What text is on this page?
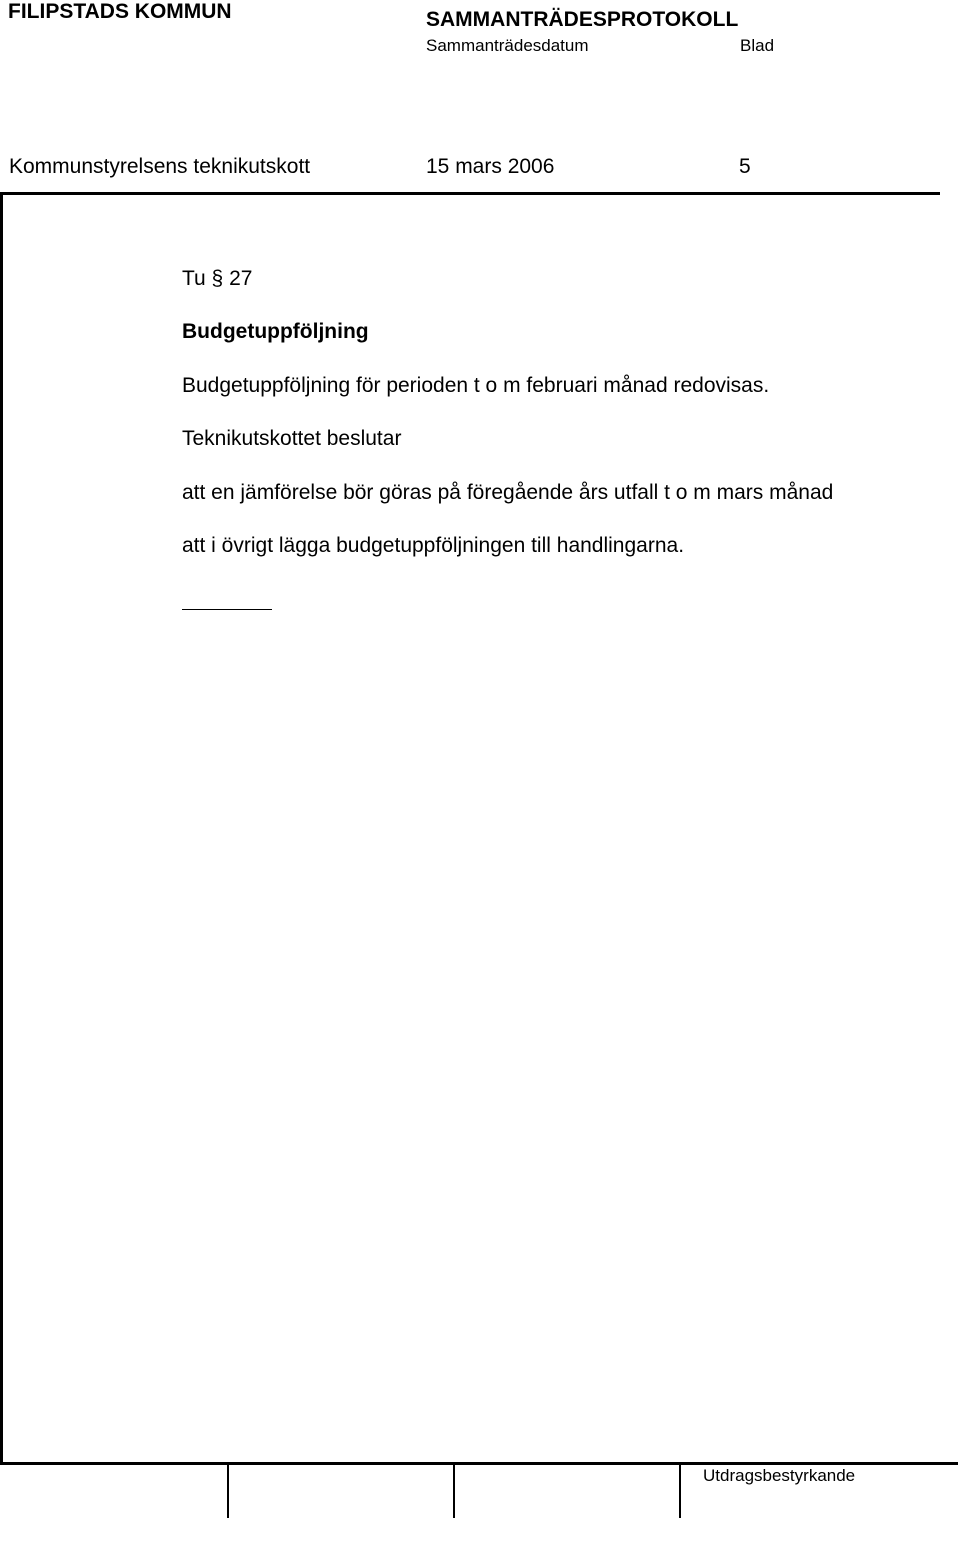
FILIPSTADS KOMMUN	SAMMANTRÄDESPROTOKOLL
Sammanträdesdatum	Blad
Kommunstyrelsens teknikutskott	15 mars 2006	5
Tu § 27
Budgetuppföljning
Budgetuppföljning för perioden t o m februari månad redovisas.
Teknikutskottet beslutar
att en jämförelse bör göras på föregående års utfall t o m mars månad
att i övrigt lägga budgetuppföljningen till handlingarna.
Utdragsbestyrkande
